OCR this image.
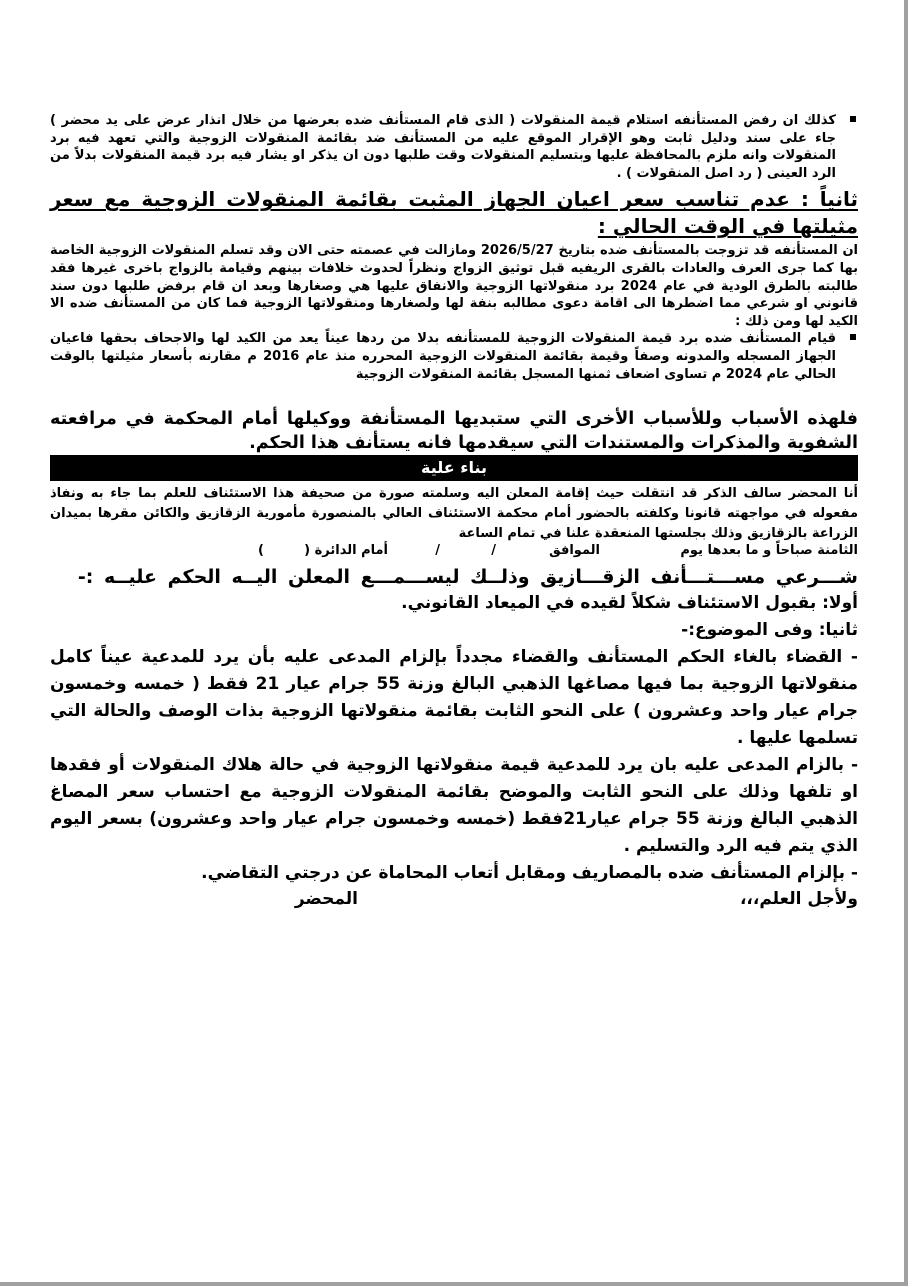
كذلك ان رفض المستأنفه استلام قيمة المنقولات ( الذى قام المستأنف ضده بعرضها من خلال انذار عرض على يد محضر ) جاء على سند ودليل ثابت وهو الإقرار الموقع عليه من المستأنف ضد بقائمة المنقولات الزوجية والتي تعهد فيه برد المنقولات وانه ملزم بالمحافظة عليها وبتسليم المنقولات وقت طلبها دون ان يذكر او يشار فيه برد قيمة المنقولات بدلاً من الرد العينى ( رد اصل المنقولات ) .

ثانياً : عدم تناسب سعر اعيان الجهاز المثبت بقائمة المنقولات الزوجية مع سعر مثيلتها في الوقت الحالي :

ان المستأنفه قد تزوجت بالمستأنف ضده بتاريخ 2026/5/27 ومازالت في عصمته حتى الان وقد تسلم المنقولات الزوجية الخاصة بها كما جرى العرف والعادات بالقرى الريفيه قبل توثيق الزواج ونظراً لحدوث خلافات بينهم وقيامة بالزواج باخرى غيرها فقد طالبته بالطرق الودية في عام 2024 برد منقولاتها الزوجية والانفاق عليها هي وصغارها وبعد ان قام برفض طلبها دون سند قانوني او شرعي مما اضطرها الى اقامة دعوى مطالبه بنفة لها ولصغارها ومنقولاتها الزوجية فما كان من المستأنف ضده الا الكيد لها ومن ذلك :

قيام المستأنف ضده برد قيمة المنقولات الزوجية للمستأنفه بدلا من ردها عيناً يعد من الكيد لها والاجحاف بحقها فاعيان الجهاز المسجله والمدونه وصفاً وقيمة بقائمة المنقولات الزوجية المحرره منذ عام 2016 م مقارنه بأسعار مثيلتها بالوقت الحالي عام 2024 م تساوى اضعاف ثمنها المسجل بقائمة المنقولات الزوجية

فلهذه الأسباب وللأسباب الأخرى التي ستبديها المستأنفة ووكيلها أمام المحكمة في مرافعته الشفوية والمذكرات والمستندات التي سيقدمها فانه يستأنف هذا الحكم.

بناء علية

أنا المحضر سالف الذكر قد انتقلت حيث إقامة المعلن اليه وسلمته صورة من صحيفة هذا الاستئناف للعلم بما جاء به ونفاذ مفعوله في مواجهته قانونا وكلفته بالحضور أمام محكمة الاستئناف العالي بالمنصورة مأمورية الزقازيق والكائن مقرها بميدان الزراعة بالزقازيق وذلك بجلستها المنعقدة علنا في تمام الساعة

الثامنة صباحاً و ما بعدها يوم
الموافق
/
/
أمام الدائرة (
)

شـــرعي مســـتـــأنف الزقـــازيق وذلــك ليســـمـــع المعلن اليــه الحكم عليــه :-

أولا: بقبول الاستئناف شكلاً لقيده في الميعاد القانوني.

ثانيا: وفى الموضوع:-

- القضاء بالغاء الحكم المستأنف والقضاء مجدداً بإلزام المدعى عليه بأن يرد للمدعية عيناً كامل منقولاتها الزوجية بما فيها مصاغها الذهبي البالغ وزنة 55 جرام عيار 21 فقط ( خمسه وخمسون جرام عيار واحد وعشرون ) على النحو الثابت بقائمة منقولاتها الزوجية بذات الوصف والحالة التي تسلمها عليها .

- بالزام المدعى عليه بان يرد للمدعية قيمة منقولاتها الزوجية في حالة هلاك المنقولات أو فقدها او تلفها وذلك على النحو الثابت والموضح بقائمة المنقولات الزوجية مع احتساب سعر المصاغ الذهبي البالغ وزنة 55 جرام عيار21فقط (خمسه وخمسون جرام عيار واحد وعشرون) بسعر اليوم الذي يتم فيه الرد والتسليم .

- بإلزام المستأنف ضده بالمصاريف ومقابل أتعاب المحاماة عن درجتي التقاضي.

ولأجل العلم،،،
المحضر
